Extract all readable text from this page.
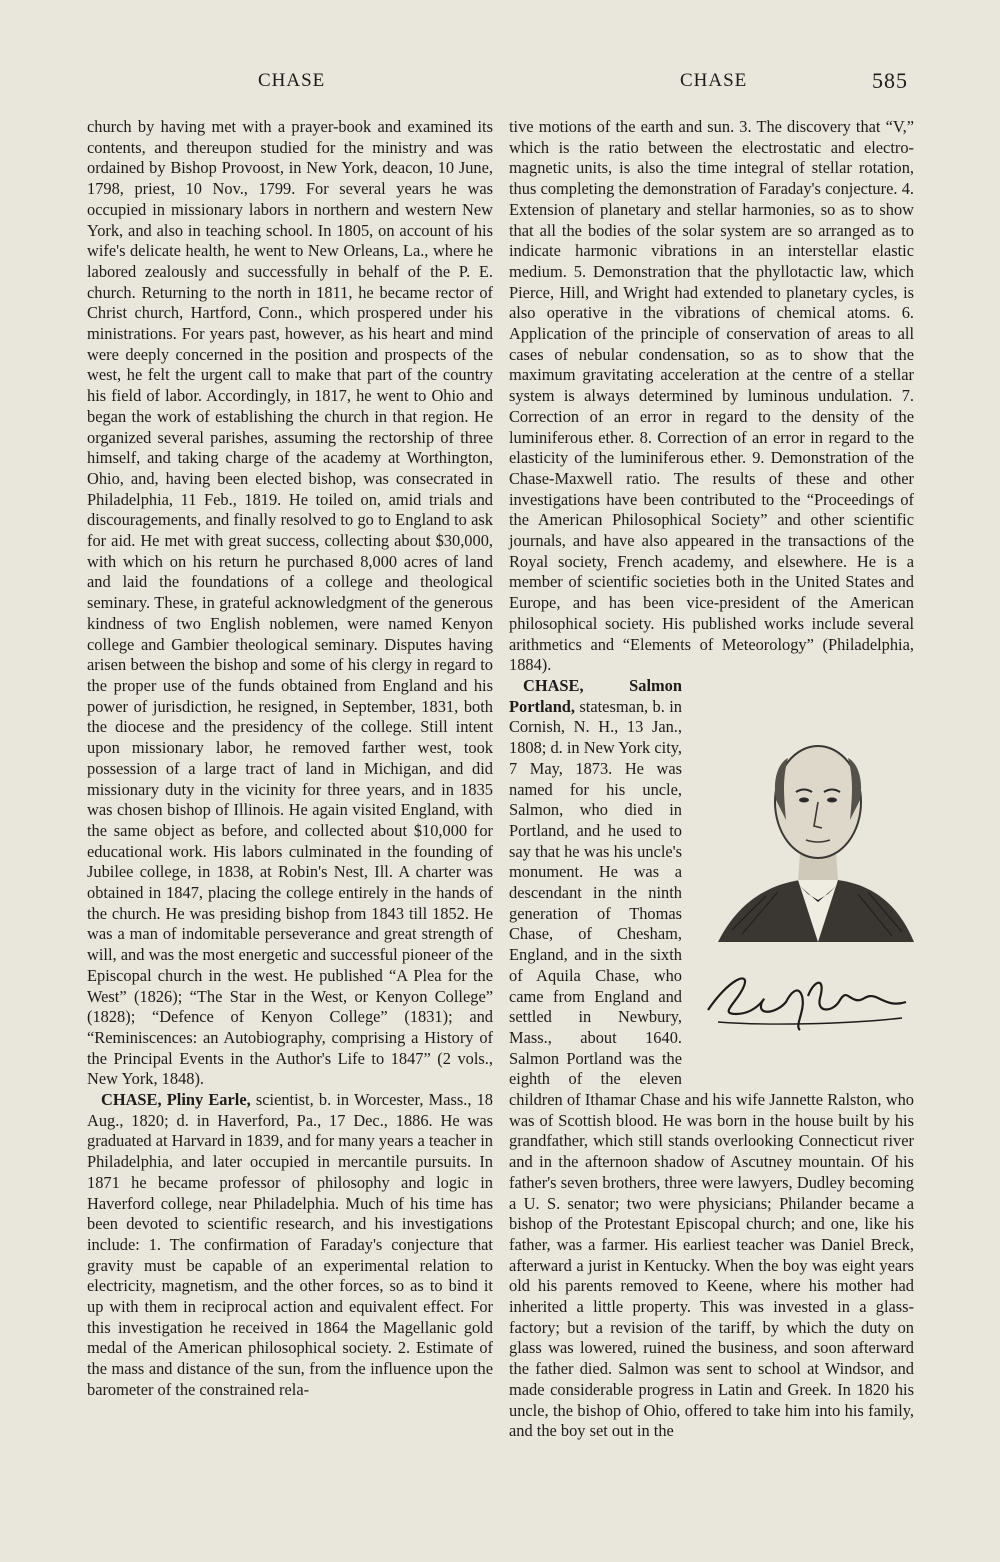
CHASE	CHASE	585

church by having met with a prayer-book and examined its contents, and thereupon studied for the ministry and was ordained by Bishop Provoost, in New York, deacon, 10 June, 1798, priest, 10 Nov., 1799. For several years he was occupied in missionary labors in northern and western New York, and also in teaching school. In 1805, on account of his wife's delicate health, he went to New Orleans, La., where he labored zealously and successfully in behalf of the P. E. church. Returning to the north in 1811, he became rector of Christ church, Hartford, Conn., which prospered under his ministrations. For years past, however, as his heart and mind were deeply concerned in the position and prospects of the west, he felt the urgent call to make that part of the country his field of labor. Accordingly, in 1817, he went to Ohio and began the work of establishing the church in that region. He organized several parishes, assuming the rectorship of three himself, and taking charge of the academy at Worthington, Ohio, and, having been elected bishop, was consecrated in Philadelphia, 11 Feb., 1819. He toiled on, amid trials and discouragements, and finally resolved to go to England to ask for aid. He met with great success, collecting about $30,000, with which on his return he purchased 8,000 acres of land and laid the foundations of a college and theological seminary. These, in grateful acknowledgment of the generous kindness of two English noblemen, were named Kenyon college and Gambier theological seminary. Disputes having arisen between the bishop and some of his clergy in regard to the proper use of the funds obtained from England and his power of jurisdiction, he resigned, in September, 1831, both the diocese and the presidency of the college. Still intent upon missionary labor, he removed farther west, took possession of a large tract of land in Michigan, and did missionary duty in the vicinity for three years, and in 1835 was chosen bishop of Illinois. He again visited England, with the same object as before, and collected about $10,000 for educational work. His labors culminated in the founding of Jubilee college, in 1838, at Robin's Nest, Ill. A charter was obtained in 1847, placing the college entirely in the hands of the church. He was presiding bishop from 1843 till 1852. He was a man of indomitable perseverance and great strength of will, and was the most energetic and successful pioneer of the Episcopal church in the west. He published “A Plea for the West” (1826); “The Star in the West, or Kenyon College” (1828); “Defence of Kenyon College” (1831); and “Reminiscences: an Autobiography, comprising a History of the Principal Events in the Author's Life to 1847” (2 vols., New York, 1848).

CHASE, Pliny Earle, scientist, b. in Worcester, Mass., 18 Aug., 1820; d. in Haverford, Pa., 17 Dec., 1886. He was graduated at Harvard in 1839, and for many years a teacher in Philadelphia, and later occupied in mercantile pursuits. In 1871 he became professor of philosophy and logic in Haverford college, near Philadelphia. Much of his time has been devoted to scientific research, and his investigations include: 1. The confirmation of Faraday's conjecture that gravity must be capable of an experimental relation to electricity, magnetism, and the other forces, so as to bind it up with them in reciprocal action and equivalent effect. For this investigation he received in 1864 the Magellanic gold medal of the American philosophical society. 2. Estimate of the mass and distance of the sun, from the influence upon the barometer of the constrained rela-

tive motions of the earth and sun. 3. The discovery that “V,” which is the ratio between the electrostatic and electro-magnetic units, is also the time integral of stellar rotation, thus completing the demonstration of Faraday's conjecture. 4. Extension of planetary and stellar harmonies, so as to show that all the bodies of the solar system are so arranged as to indicate harmonic vibrations in an interstellar elastic medium. 5. Demonstration that the phyllotactic law, which Pierce, Hill, and Wright had extended to planetary cycles, is also operative in the vibrations of chemical atoms. 6. Application of the principle of conservation of areas to all cases of nebular condensation, so as to show that the maximum gravitating acceleration at the centre of a stellar system is always determined by luminous undulation. 7. Correction of an error in regard to the density of the luminiferous ether. 8. Correction of an error in regard to the elasticity of the luminiferous ether. 9. Demonstration of the Chase-Maxwell ratio. The results of these and other investigations have been contributed to the “Proceedings of the American Philosophical Society” and other scientific journals, and have also appeared in the transactions of the Royal society, French academy, and elsewhere. He is a member of scientific societies both in the United States and Europe, and has been vice-president of the American philosophical society. His published works include several arithmetics and “Elements of Meteorology” (Philadelphia, 1884).

CHASE, Salmon Portland, statesman, b. in Cornish, N. H., 13 Jan., 1808; d. in New York city, 7 May, 1873. He was named for his uncle, Salmon, who died in Portland, and he used to say that he was his uncle's monument. He was a descendant in the ninth generation of Thomas Chase, of Chesham, England, and in the sixth of Aquila Chase, who came from England and settled in Newbury, Mass., about 1640. Salmon Portland was the eighth of the eleven children of Ithamar Chase and his wife Jannette Ralston, who was of Scottish blood. He was born in the house built by his grandfather, which still stands overlooking Connecticut river and in the afternoon shadow of Ascutney mountain. Of his father's seven brothers, three were lawyers, Dudley becoming a U. S. senator; two were physicians; Philander became a bishop of the Protestant Episcopal church; and one, like his father, was a farmer. His earliest teacher was Daniel Breck, afterward a jurist in Kentucky. When the boy was eight years old his parents removed to Keene, where his mother had inherited a little property. This was invested in a glass-factory; but a revision of the tariff, by which the duty on glass was lowered, ruined the business, and soon afterward the father died. Salmon was sent to school at Windsor, and made considerable progress in Latin and Greek. In 1820 his uncle, the bishop of Ohio, offered to take him into his family, and the boy set out in the
